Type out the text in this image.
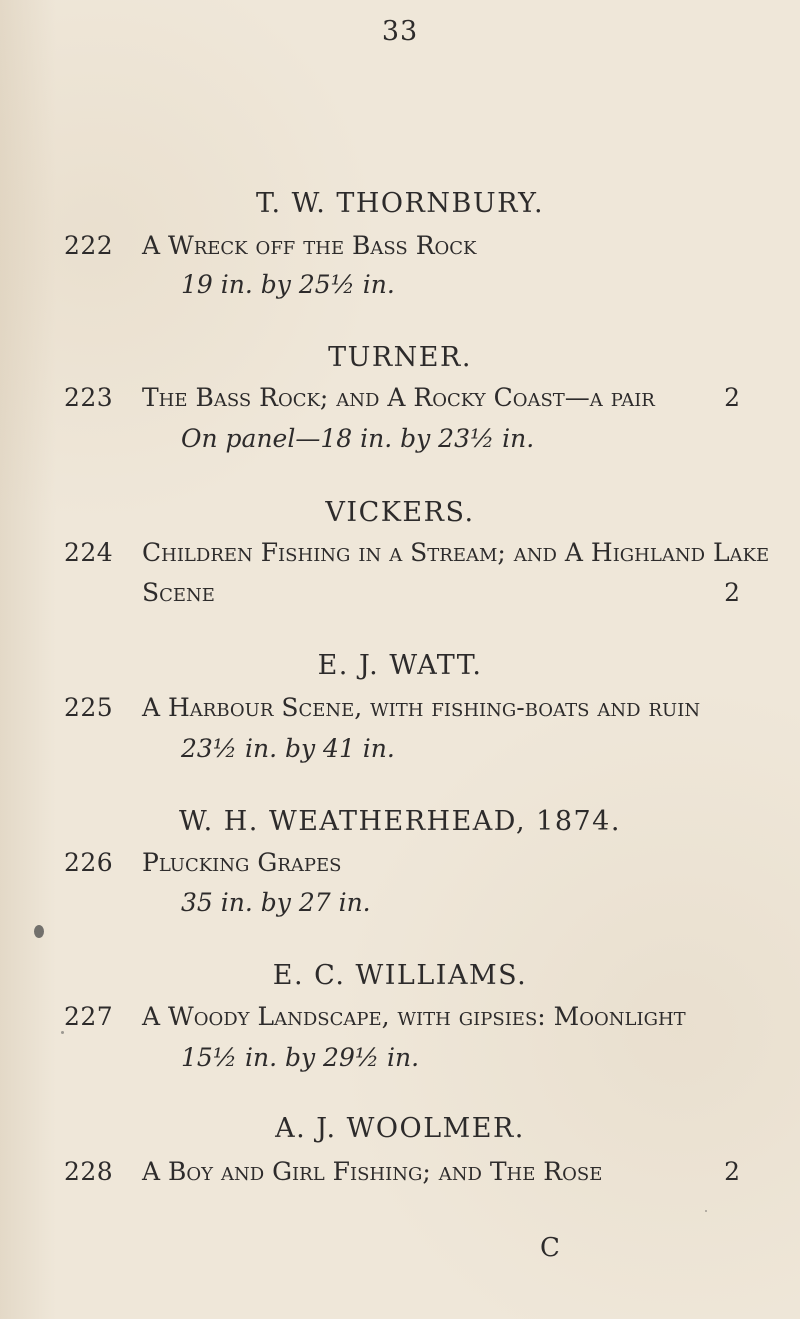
33
T. W. THORNBURY.
222 A Wreck off the Bass Rock
19 in. by 25½ in.
TURNER.
223 The Bass Rock; and A Rocky Coast—a pair	2
On panel—18 in. by 23½ in.
VICKERS.
224 Children Fishing in a Stream; and A Highland Lake
Scene	2
E. J. WATT.
225 A Harbour Scene, with fishing-boats and ruin
23½ in. by 41 in.
W. H. WEATHERHEAD, 1874.
226 Plucking Grapes
35 in. by 27 in.
E. C. WILLIAMS.
227 A Woody Landscape, with gipsies: Moonlight
15½ in. by 29½ in.
A. J. WOOLMER.
228 A Boy and Girl Fishing; and The Rose	2
C
